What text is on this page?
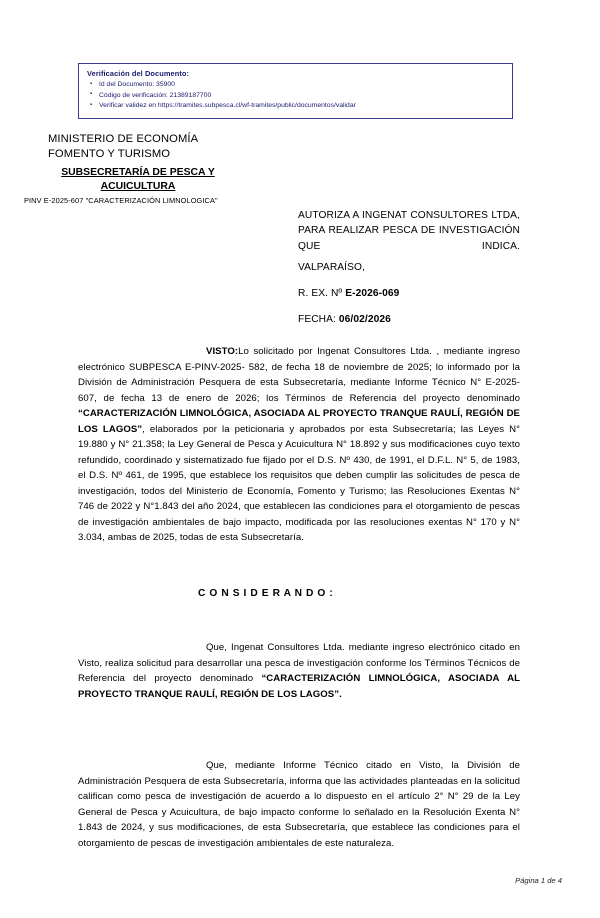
Verificación del Documento:
▪ Id del Documento: 35900
▪ Código de verificación: 21389187700
▪ Verificar validez en https://tramites.subpesca.cl/wf-tramites/public/documentos/validar
MINISTERIO DE ECONOMÍA
FOMENTO Y TURISMO
SUBSECRETARÍA DE PESCA Y
ACUICULTURA
PINV E-2025-607 "CARACTERIZACIÓN LIMNOLOGICA"
AUTORIZA A INGENAT CONSULTORES LTDA, PARA REALIZAR PESCA DE INVESTIGACIÓN QUE INDICA.
VALPARAÍSO,
R. EX. Nº E-2026-069
FECHA: 06/02/2026
VISTO:Lo solicitado por Ingenat Consultores Ltda. , mediante ingreso electrónico SUBPESCA E-PINV-2025- 582, de fecha 18 de noviembre de 2025; lo informado por la División de Administración Pesquera de esta Subsecretaría, mediante Informe Técnico N° E-2025-607, de fecha 13 de enero de 2026; los Términos de Referencia del proyecto denominado “CARACTERIZACIÓN LIMNOLÓGICA, ASOCIADA AL PROYECTO TRANQUE RAULÍ, REGIÓN DE LOS LAGOS”, elaborados por la peticionaria y aprobados por esta Subsecretaría; las Leyes N° 19.880 y N° 21.358; la Ley General de Pesca y Acuicultura N° 18.892 y sus modificaciones cuyo texto refundido, coordinado y sistematizado fue fijado por el D.S. Nº 430, de 1991, el D.F.L. N° 5, de 1983, el D.S. Nº 461, de 1995, que establece los requisitos que deben cumplir las solicitudes de pesca de investigación, todos del Ministerio de Economía, Fomento y Turismo; las Resoluciones Exentas N° 746 de 2022 y N°1.843 del año 2024, que establecen las condiciones para el otorgamiento de pescas de investigación ambientales de bajo impacto, modificada por las resoluciones exentas N° 170 y N° 3.034, ambas de 2025, todas de esta Subsecretaría.
C O N S I D E R A N D O :
Que, Ingenat Consultores Ltda. mediante ingreso electrónico citado en Visto, realiza solicitud para desarrollar una pesca de investigación conforme los Términos Técnicos de Referencia del proyecto denominado “CARACTERIZACIÓN LIMNOLÓGICA, ASOCIADA AL PROYECTO TRANQUE RAULÍ, REGIÓN DE LOS LAGOS”.
Que, mediante Informe Técnico citado en Visto, la División de Administración Pesquera de esta Subsecretaría, informa que las actividades planteadas en la solicitud califican como pesca de investigación de acuerdo a lo dispuesto en el artículo 2° N° 29 de la Ley General de Pesca y Acuicultura, de bajo impacto conforme lo señalado en la Resolución Exenta N° 1.843 de 2024, y sus modificaciones, de esta Subsecretaría, que establece las condiciones para el otorgamiento de pescas de investigación ambientales de este naturaleza.
Página 1 de 4
